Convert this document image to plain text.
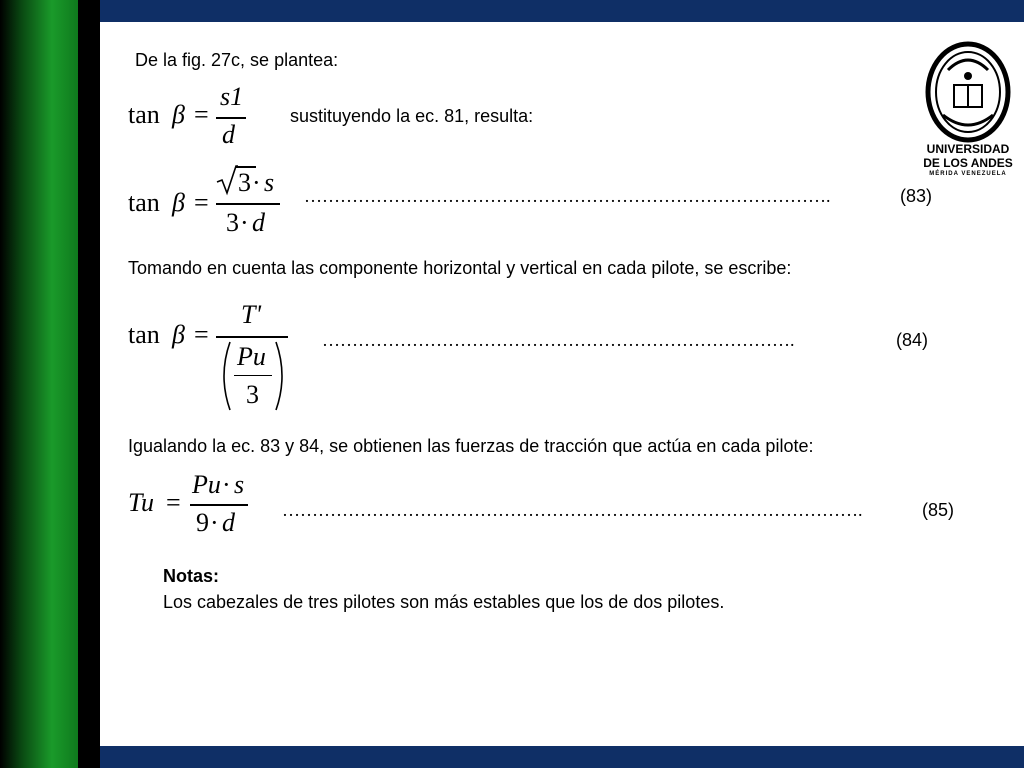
UNIVERSIDAD
DE LOS ANDES
MÉRIDA VENEZUELA
De la fig. 27c, se plantea:
tan β =
s1
d
sustituyendo la ec. 81, resulta:
tan β =
3 · s
3 · d
…………………………………………………………………………….	(83)
Tomando en cuenta las componente horizontal y vertical en cada pilote, se escribe:
tan β =
T'
Pu
3
…………………………………………………………………….	(84)
Igualando la ec. 83 y 84, se obtienen las fuerzas de tracción que actúa en cada pilote:
Tu =
Pu · s
9 · d	…………………………………………………………………………………….	(85)
Notas:
Los cabezales de tres pilotes son más estables que los de dos pilotes.
